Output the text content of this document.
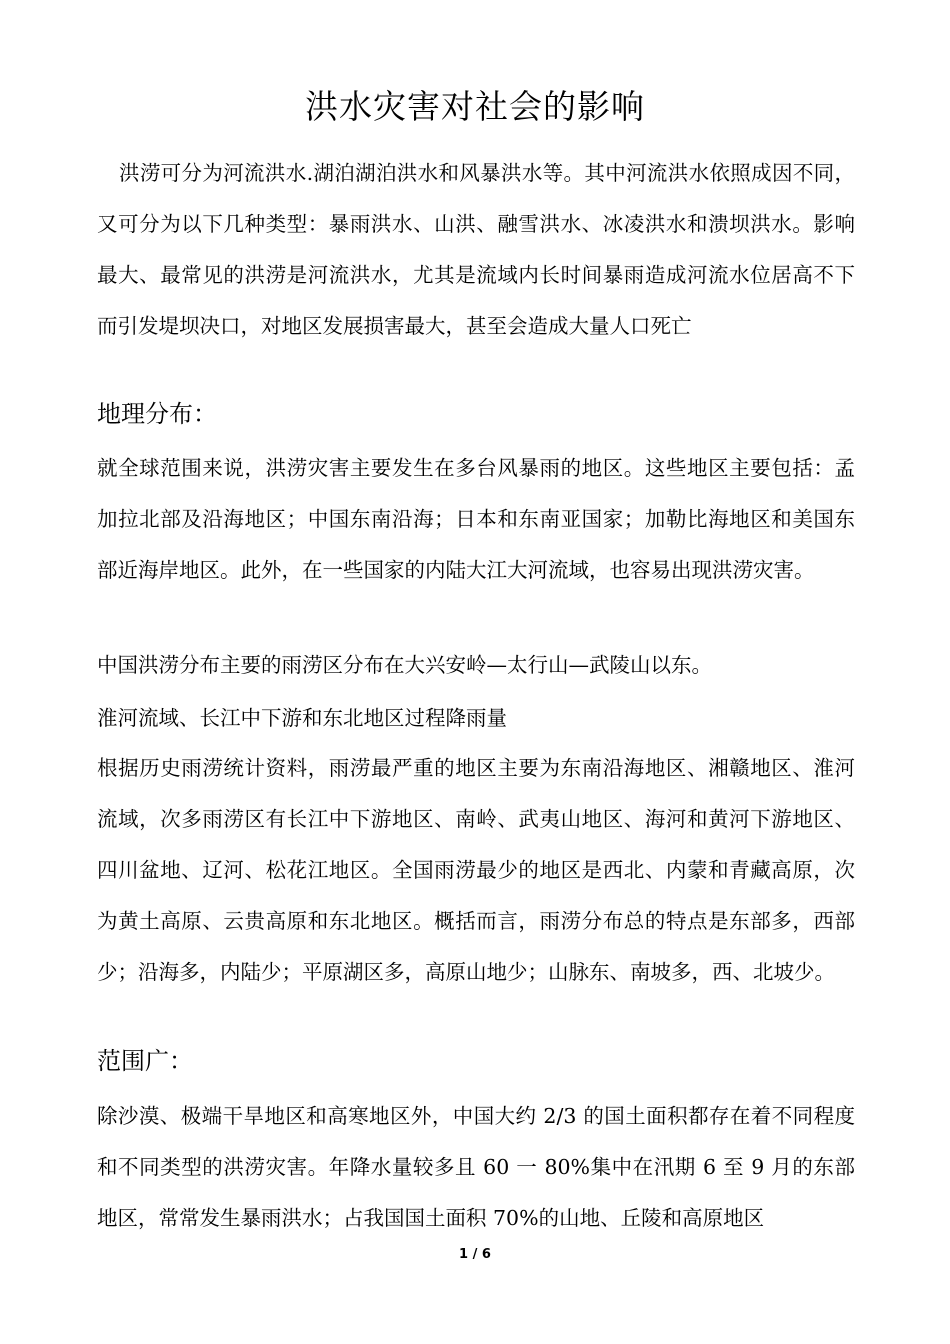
洪水灾害对社会的影响

洪涝可分为河流洪水.湖泊湖泊洪水和风暴洪水等。其中河流洪水依照成因不同，又可分为以下几种类型：暴雨洪水、山洪、融雪洪水、冰凌洪水和溃坝洪水。影响最大、最常见的洪涝是河流洪水，尤其是流域内长时间暴雨造成河流水位居高不下而引发堤坝决口，对地区发展损害最大，甚至会造成大量人口死亡

地理分布：

就全球范围来说，洪涝灾害主要发生在多台风暴雨的地区。这些地区主要包括：孟加拉北部及沿海地区；中国东南沿海；日本和东南亚国家；加勒比海地区和美国东部近海岸地区。此外，在一些国家的内陆大江大河流域，也容易出现洪涝灾害。

中国洪涝分布主要的雨涝区分布在大兴安岭—太行山—武陵山以东。

淮河流域、长江中下游和东北地区过程降雨量

根据历史雨涝统计资料，雨涝最严重的地区主要为东南沿海地区、湘赣地区、淮河流域，次多雨涝区有长江中下游地区、南岭、武夷山地区、海河和黄河下游地区、四川盆地、辽河、松花江地区。全国雨涝最少的地区是西北、内蒙和青藏高原，次为黄土高原、云贵高原和东北地区。概括而言，雨涝分布总的特点是东部多，西部少；沿海多，内陆少；平原湖区多，高原山地少；山脉东、南坡多，西、北坡少。

范围广：

除沙漠、极端干旱地区和高寒地区外，中国大约 2/3 的国土面积都存在着不同程度和不同类型的洪涝灾害。年降水量较多且 60 一 80%集中在汛期 6 至 9 月的东部地区，常常发生暴雨洪水；占我国国土面积 70%的山地、丘陵和高原地区

1 / 6
